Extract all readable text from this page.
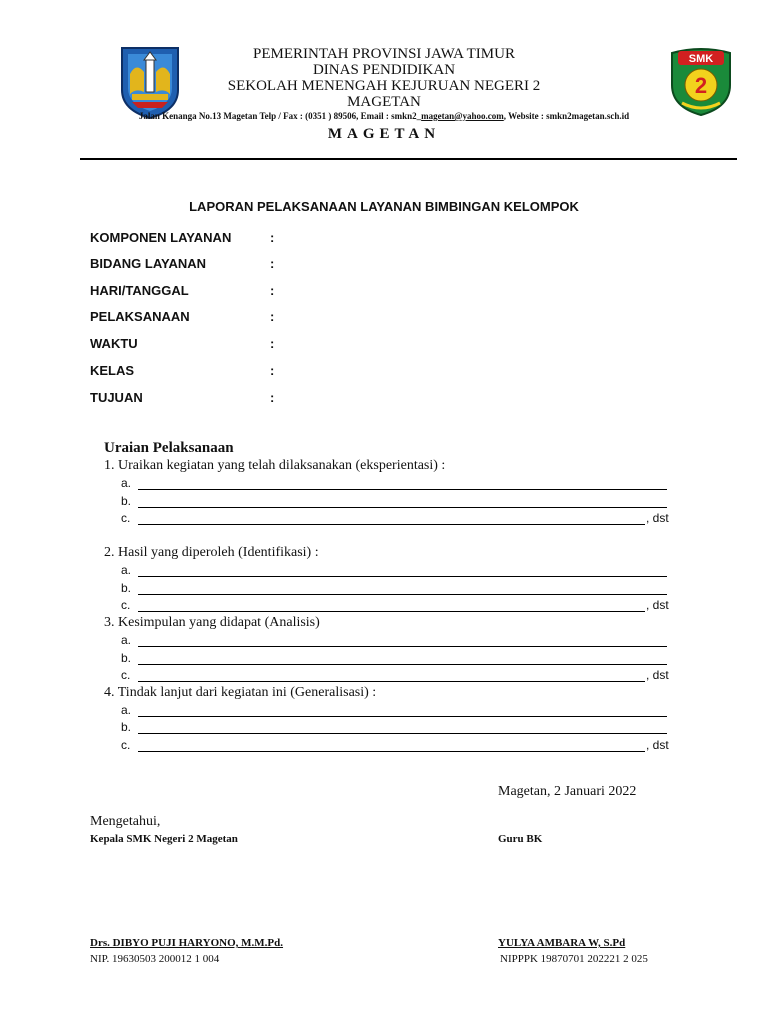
SMK
2
PEMERINTAH PROVINSI JAWA TIMUR
DINAS PENDIDIKAN
SEKOLAH MENENGAH KEJURUAN NEGERI 2
MAGETAN
Jalan Kenanga No.13 Magetan Telp / Fax : (0351 ) 89506, Email : smkn2_magetan@yahoo.com, Website : smkn2magetan.sch.id
MAGETAN
LAPORAN PELAKSANAAN LAYANAN BIMBINGAN KELOMPOK
KOMPONEN LAYANAN	:
BIDANG LAYANAN	:
HARI/TANGGAL	:
PELAKSANAAN	:
WAKTU	:
KELAS	:
TUJUAN	:
Uraian Pelaksanaan
1. Uraikan kegiatan yang telah dilaksanakan (eksperientasi) :
a.
b.
c.	, dst
2. Hasil yang diperoleh (Identifikasi) :
a.
b.
c.	, dst
3. Kesimpulan yang didapat (Analisis)
a.
b.
c.	, dst
4. Tindak lanjut dari kegiatan ini (Generalisasi) :
a.
b.
c.	, dst
Magetan, 2 Januari 2022
Mengetahui,
Kepala SMK Negeri 2 Magetan	Guru BK
Drs. DIBYO PUJI HARYONO, M.M.Pd.	YULYA AMBARA W, S.Pd
NIP. 19630503 200012 1 004	NIPPPK 19870701 202221 2 025
